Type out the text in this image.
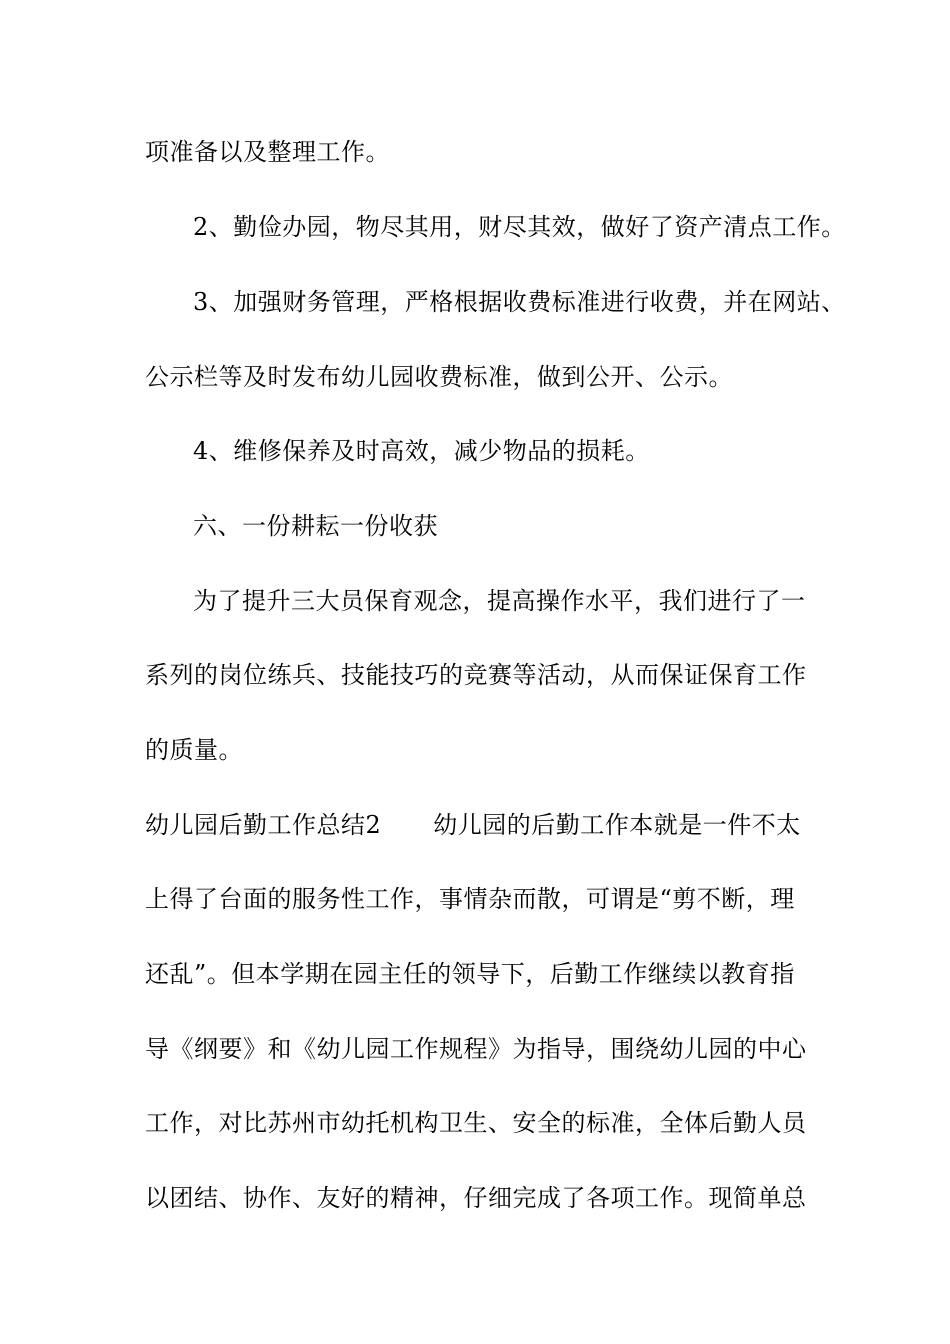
项准备以及整理工作。
2、勤俭办园，物尽其用，财尽其效，做好了资产清点工作。
3、加强财务管理，严格根据收费标准进行收费，并在网站、
公示栏等及时发布幼儿园收费标准，做到公开、公示。
4、维修保养及时高效，减少物品的损耗。
六、一份耕耘一份收获
为了提升三大员保育观念，提高操作水平，我们进行了一
系列的岗位练兵、技能技巧的竞赛等活动，从而保证保育工作
的质量。
幼儿园后勤工作总结2 幼儿园的后勤工作本就是一件不太
上得了台面的服务性工作，事情杂而散，可谓是“剪不断，理
还乱”。但本学期在园主任的领导下，后勤工作继续以教育指
导《纲要》和《幼儿园工作规程》为指导，围绕幼儿园的中心
工作，对比苏州市幼托机构卫生、安全的标准，全体后勤人员
以团结、协作、友好的精神，仔细完成了各项工作。现简单总
